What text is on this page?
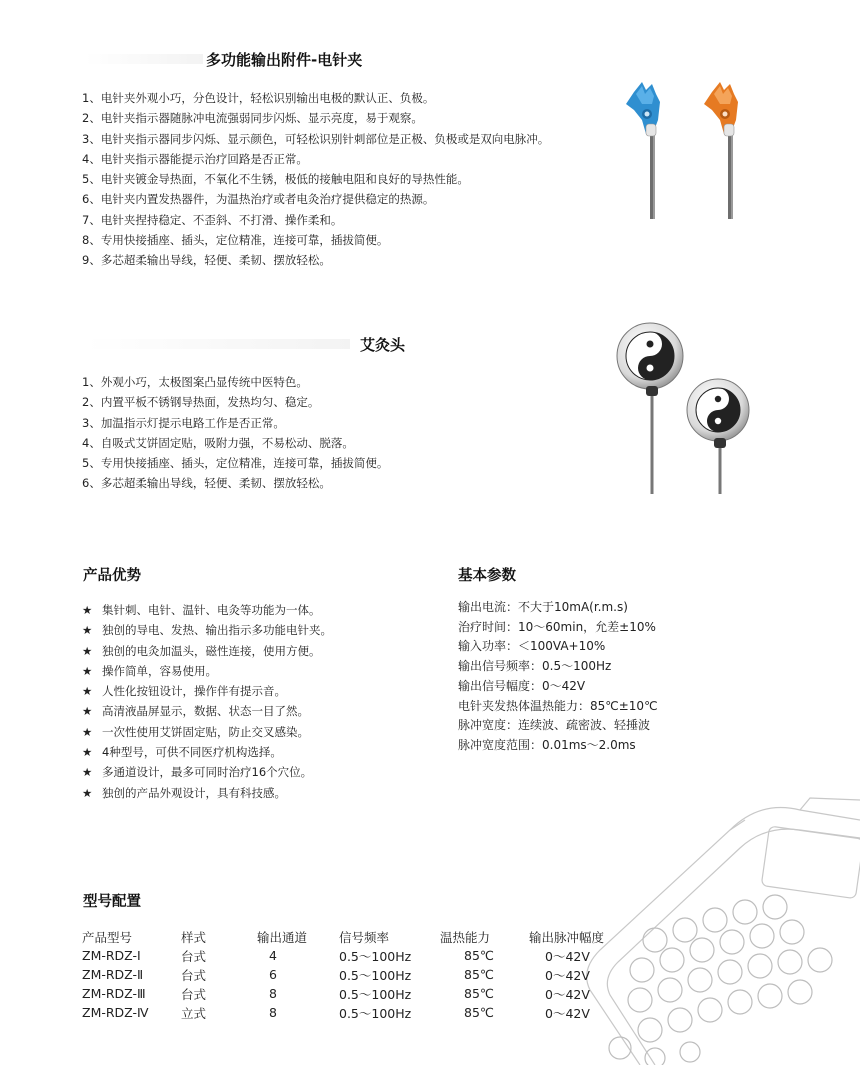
多功能输出附件-电针夹
1、电针夹外观小巧，分色设计，轻松识别输出电极的默认正、负极。
2、电针夹指示器随脉冲电流强弱同步闪烁、显示亮度，易于观察。
3、电针夹指示器同步闪烁、显示颜色，可轻松识别针刺部位是正极、负极或是双向电脉冲。
4、电针夹指示器能提示治疗回路是否正常。
5、电针夹镀金导热面，不氧化不生锈，极低的接触电阻和良好的导热性能。
6、电针夹内置发热器件，为温热治疗或者电灸治疗提供稳定的热源。
7、电针夹捏持稳定、不歪斜、不打滑、操作柔和。
8、专用快接插座、插头，定位精准，连接可靠，插拔简便。
9、多芯超柔输出导线，轻便、柔韧、摆放轻松。
艾灸头
1、外观小巧，太极图案凸显传统中医特色。
2、内置平板不锈钢导热面，发热均匀、稳定。
3、加温指示灯提示电路工作是否正常。
4、自吸式艾饼固定贴，吸附力强，不易松动、脱落。
5、专用快接插座、插头，定位精准，连接可靠，插拔简便。
6、多芯超柔输出导线，轻便、柔韧、摆放轻松。
产品优势
★ 集针刺、电针、温针、电灸等功能为一体。
★ 独创的导电、发热、输出指示多功能电针夹。
★ 独创的电灸加温头，磁性连接，使用方便。
★ 操作简单，容易使用。
★ 人性化按钮设计，操作伴有提示音。
★ 高清液晶屏显示，数据、状态一目了然。
★ 一次性使用艾饼固定贴，防止交叉感染。
★ 4种型号，可供不同医疗机构选择。
★ 多通道设计，最多可同时治疗16个穴位。
★ 独创的产品外观设计，具有科技感。
基本参数
输出电流：不大于10mA(r.m.s)
治疗时间：10～60min，允差±10%
输入功率：＜100VA+10%
输出信号频率：0.5～100Hz
输出信号幅度：0～42V
电针夹发热体温热能力：85℃±10℃
脉冲宽度：连续波、疏密波、轻捶波
脉冲宽度范围：0.01ms～2.0ms
型号配置
产品型号	样式	输出通道	信号频率	温热能力	输出脉冲幅度
ZM-RDZ-Ⅰ	台式	4	0.5～100Hz	85℃	0～42V
ZM-RDZ-Ⅱ	台式	6	0.5～100Hz	85℃	0～42V
ZM-RDZ-Ⅲ	台式	8	0.5～100Hz	85℃	0～42V
ZM-RDZ-Ⅳ	立式	8	0.5～100Hz	85℃	0～42V
